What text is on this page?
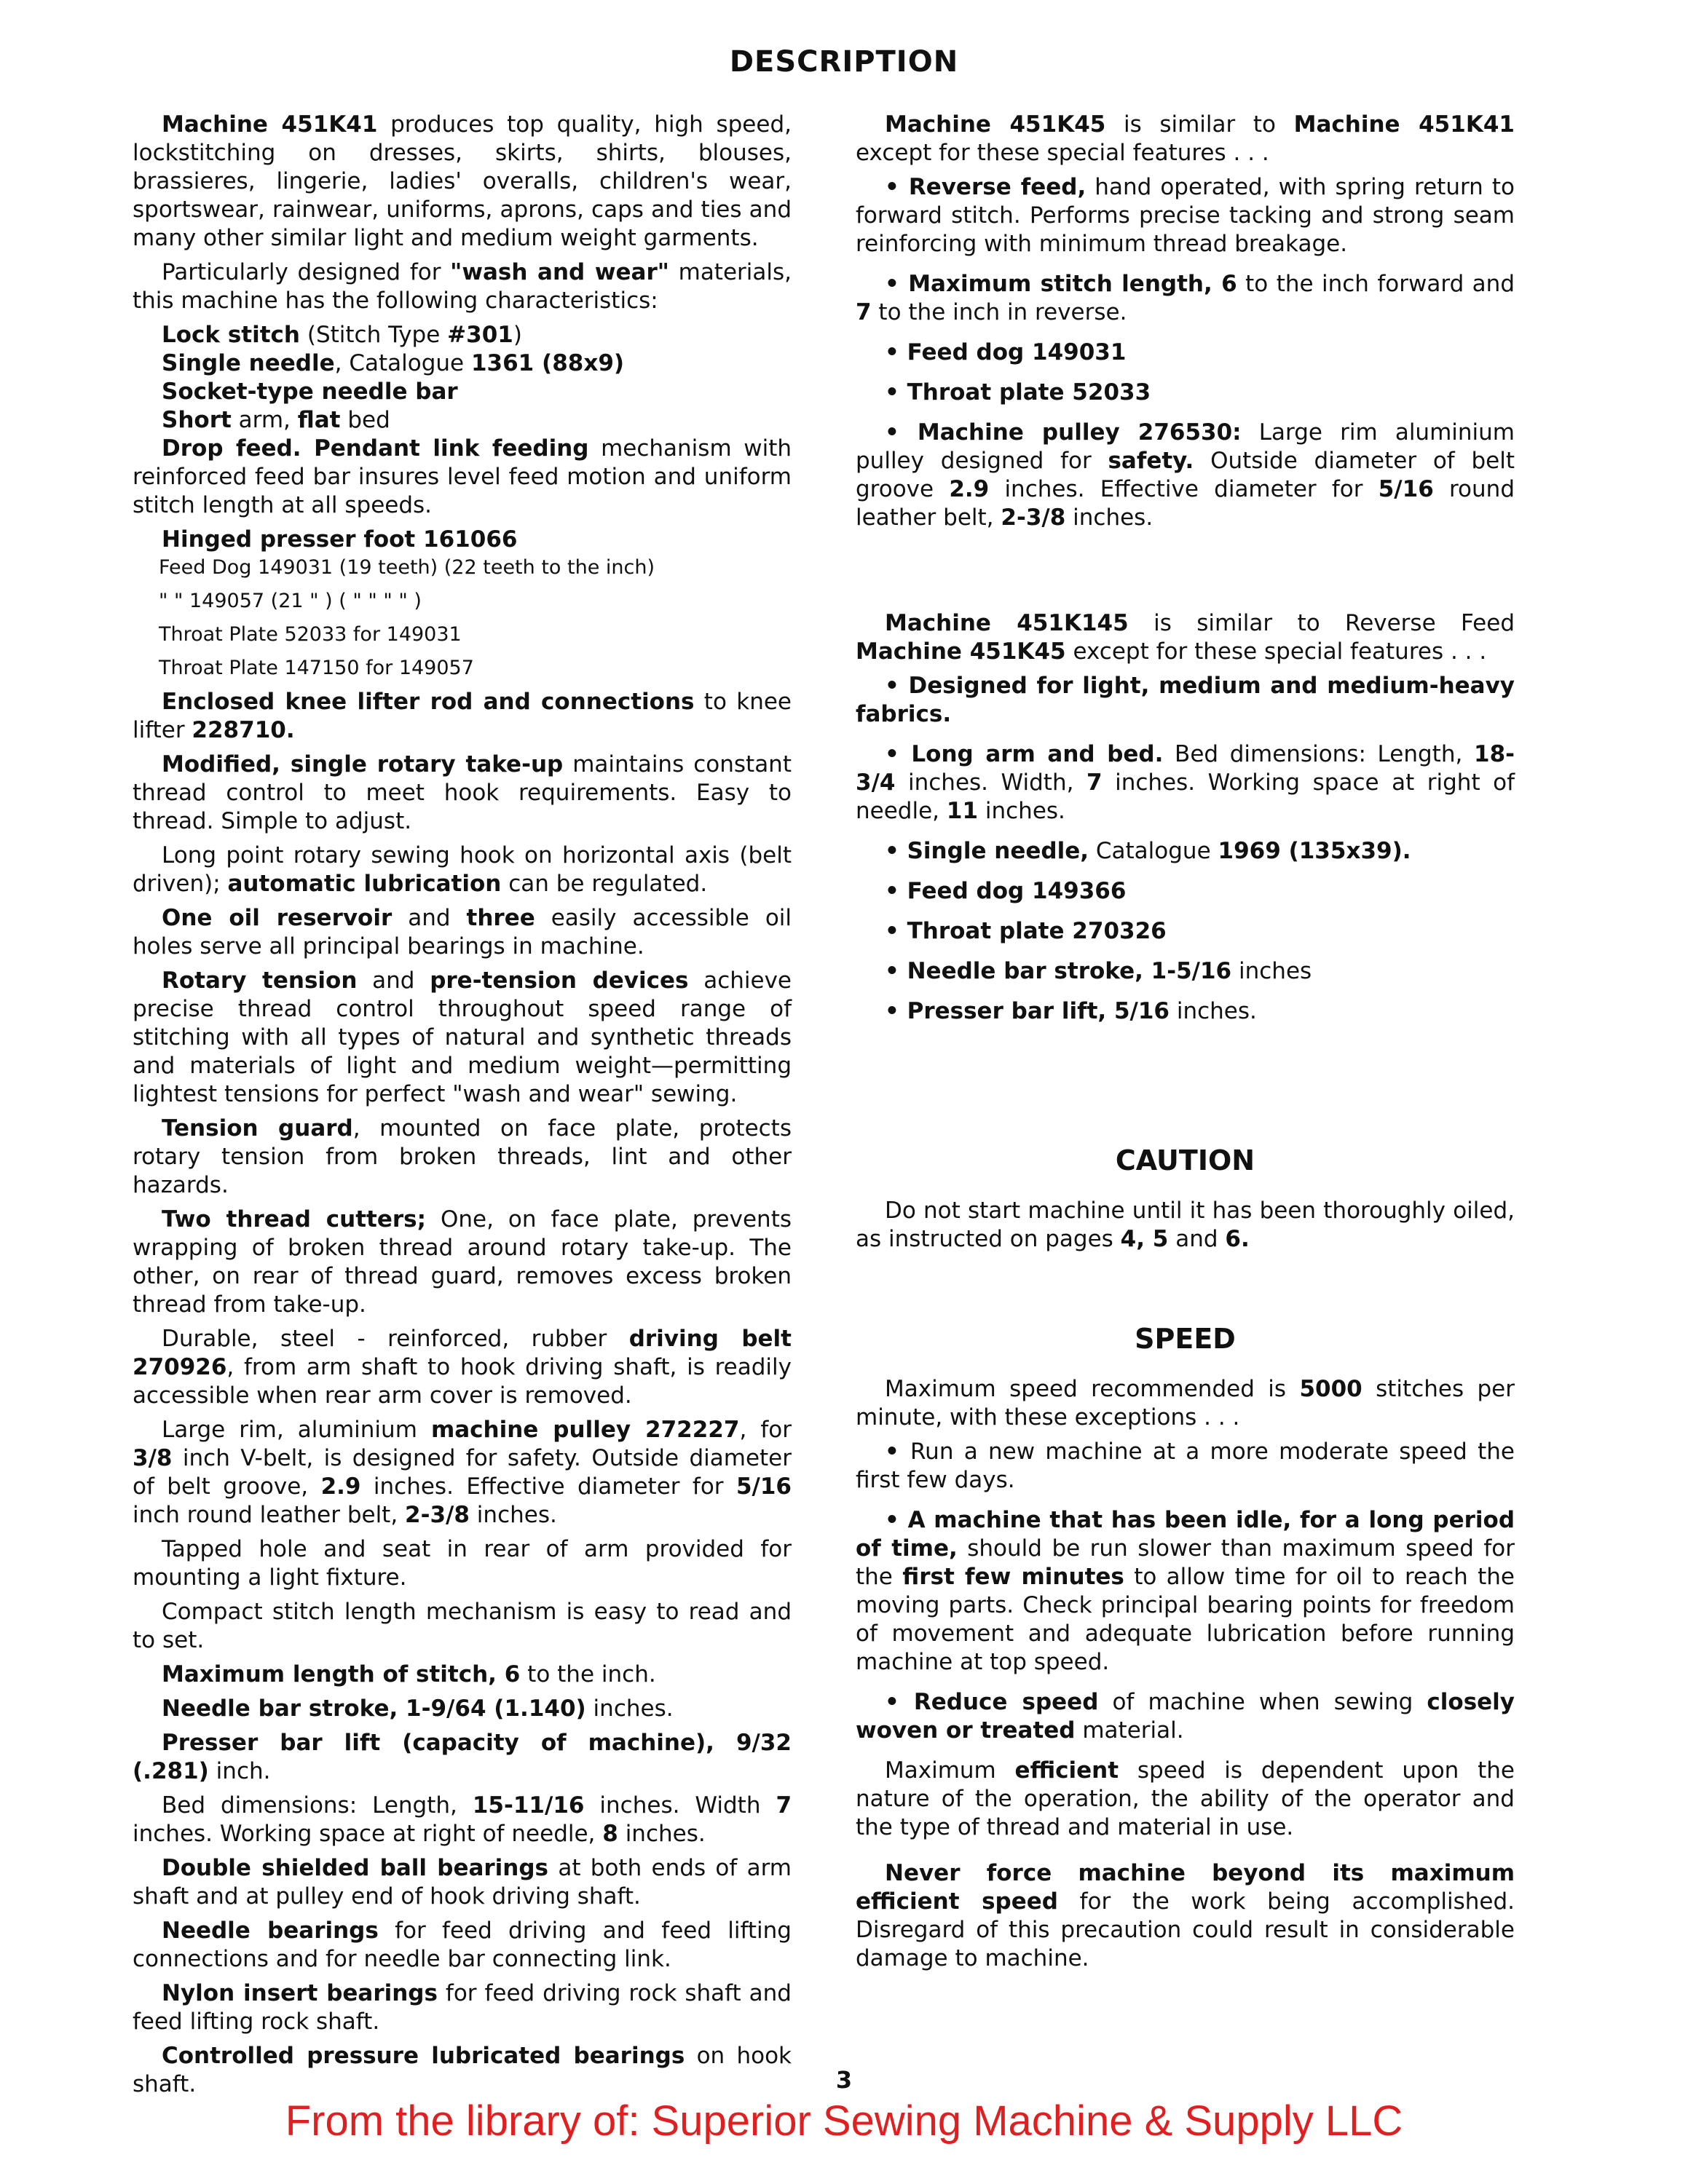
DESCRIPTION

Machine 451K41 produces top quality, high speed, lockstitching on dresses, skirts, shirts, blouses, brassieres, lingerie, ladies' overalls, children's wear, sportswear, rainwear, uniforms, aprons, caps and ties and many other similar light and medium weight garments.

Particularly designed for "wash and wear" materials, this machine has the following characteristics:

Lock stitch (Stitch Type #301)

Single needle, Catalogue 1361 (88x9)

Socket-type needle bar

Short arm, flat bed

Drop feed. Pendant link feeding mechanism with reinforced feed bar insures level feed motion and uniform stitch length at all speeds.

Hinged presser foot 161066

Feed Dog 149031 (19 teeth) (22 teeth to the inch)

" " 149057 (21 " ) ( " " " " )

Throat Plate 52033 for 149031

Throat Plate 147150 for 149057

Enclosed knee lifter rod and connections to knee lifter 228710.

Modified, single rotary take-up maintains constant thread control to meet hook requirements. Easy to thread. Simple to adjust.

Long point rotary sewing hook on horizontal axis (belt driven); automatic lubrication can be regulated.

One oil reservoir and three easily accessible oil holes serve all principal bearings in machine.

Rotary tension and pre-tension devices achieve precise thread control throughout speed range of stitching with all types of natural and synthetic threads and materials of light and medium weight—permitting lightest tensions for perfect "wash and wear" sewing.

Tension guard, mounted on face plate, protects rotary tension from broken threads, lint and other hazards.

Two thread cutters; One, on face plate, prevents wrapping of broken thread around rotary take-up. The other, on rear of thread guard, removes excess broken thread from take-up.

Durable, steel - reinforced, rubber driving belt 270926, from arm shaft to hook driving shaft, is readily accessible when rear arm cover is removed.

Large rim, aluminium machine pulley 272227, for 3/8 inch V-belt, is designed for safety. Outside diameter of belt groove, 2.9 inches. Effective diameter for 5/16 inch round leather belt, 2-3/8 inches.

Tapped hole and seat in rear of arm provided for mounting a light fixture.

Compact stitch length mechanism is easy to read and to set.

Maximum length of stitch, 6 to the inch.

Needle bar stroke, 1-9/64 (1.140) inches.

Presser bar lift (capacity of machine), 9/32 (.281) inch.

Bed dimensions: Length, 15-11/16 inches. Width 7 inches. Working space at right of needle, 8 inches.

Double shielded ball bearings at both ends of arm shaft and at pulley end of hook driving shaft.

Needle bearings for feed driving and feed lifting connections and for needle bar connecting link.

Nylon insert bearings for feed driving rock shaft and feed lifting rock shaft.

Controlled pressure lubricated bearings on hook shaft.

Machine 451K45 is similar to Machine 451K41 except for these special features . . .

• Reverse feed, hand operated, with spring return to forward stitch. Performs precise tacking and strong seam reinforcing with minimum thread breakage.

• Maximum stitch length, 6 to the inch forward and 7 to the inch in reverse.

• Feed dog 149031

• Throat plate 52033

• Machine pulley 276530: Large rim aluminium pulley designed for safety. Outside diameter of belt groove 2.9 inches. Effective diameter for 5/16 round leather belt, 2-3/8 inches.

Machine 451K145 is similar to Reverse Feed Machine 451K45 except for these special features . . .

• Designed for light, medium and medium-heavy fabrics.

• Long arm and bed. Bed dimensions: Length, 18-3/4 inches. Width, 7 inches. Working space at right of needle, 11 inches.

• Single needle, Catalogue 1969 (135x39).

• Feed dog 149366

• Throat plate 270326

• Needle bar stroke, 1-5/16 inches

• Presser bar lift, 5/16 inches.

CAUTION

Do not start machine until it has been thoroughly oiled, as instructed on pages 4, 5 and 6.

SPEED

Maximum speed recommended is 5000 stitches per minute, with these exceptions . . .

• Run a new machine at a more moderate speed the first few days.

• A machine that has been idle, for a long period of time, should be run slower than maximum speed for the first few minutes to allow time for oil to reach the moving parts. Check principal bearing points for freedom of movement and adequate lubrication before running machine at top speed.

• Reduce speed of machine when sewing closely woven or treated material.

Maximum efficient speed is dependent upon the nature of the operation, the ability of the operator and the type of thread and material in use.

Never force machine beyond its maximum efficient speed for the work being accomplished. Disregard of this precaution could result in considerable damage to machine.

3
From the library of: Superior Sewing Machine & Supply LLC
